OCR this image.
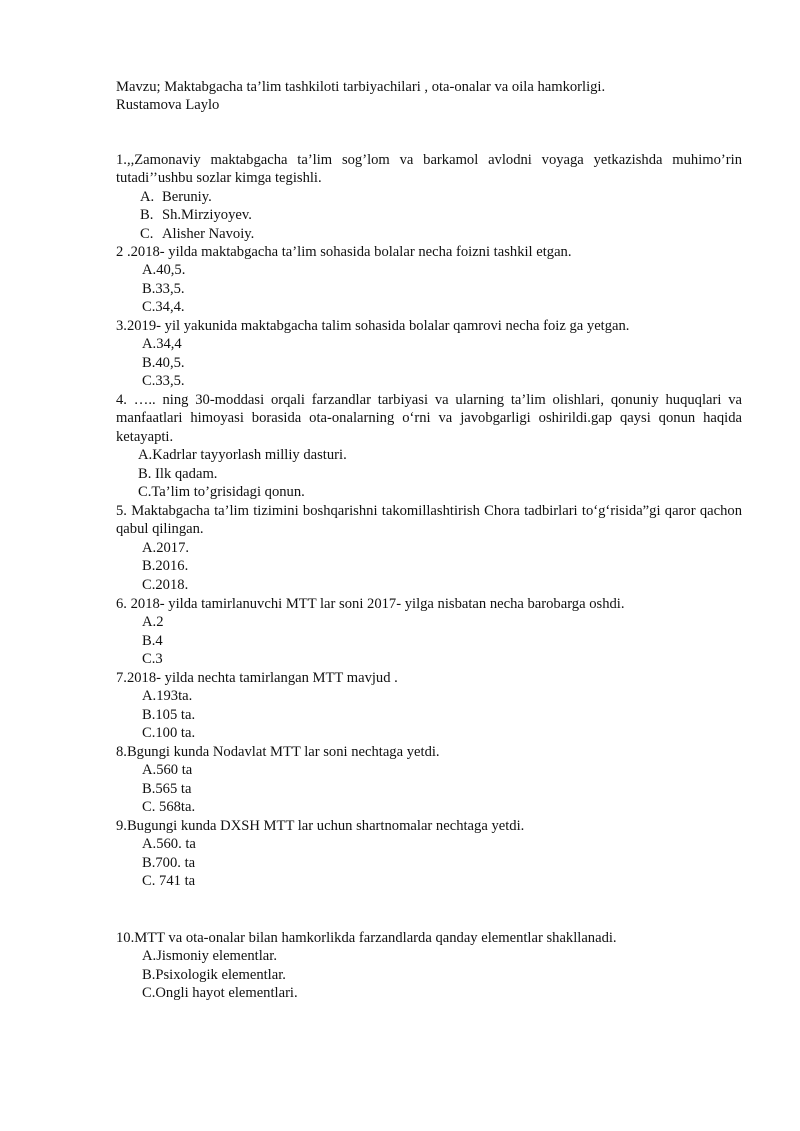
Mavzu; Maktabgacha ta’lim tashkiloti tarbiyachilari , ota-onalar va oila hamkorligi.
Rustamova Laylo
1.,,Zamonaviy maktabgacha ta’lim sog’lom va barkamol avlodni voyaga yetkazishda muhimo’rin tutadi’’ushbu sozlar kimga tegishli.
A. Beruniy.
B. Sh.Mirziyoyev.
C. Alisher Navoiy.
2 .2018- yilda maktabgacha ta’lim sohasida bolalar necha foizni tashkil etgan.
A.40,5.
B.33,5.
C.34,4.
3.2019- yil yakunida maktabgacha talim sohasida bolalar qamrovi necha foiz ga yetgan.
A.34,4
B.40,5.
C.33,5.
4. ….. ning 30-moddasi orqali farzandlar tarbiyasi va ularning ta’lim olishlari, qonuniy huquqlari va manfaatlari himoyasi borasida ota-onalarning o‘rni va javobgarligi oshirildi.gap qaysi qonun haqida ketayapti.
A.Kadrlar tayyorlash milliy dasturi.
B. Ilk qadam.
C.Ta’lim to’grisidagi qonun.
5. Maktabgacha ta’lim tizimini boshqarishni takomillashtirish Chora tadbirlari to‘g‘risida”gi qaror qachon qabul qilingan.
A.2017.
B.2016.
C.2018.
6. 2018- yilda tamirlanuvchi MTT lar soni 2017- yilga nisbatan necha barobarga oshdi.
A.2
B.4
C.3
7.2018- yilda nechta tamirlangan MTT mavjud .
A.193ta.
B.105 ta.
C.100 ta.
8.Bgungi kunda Nodavlat MTT lar soni nechtaga yetdi.
A.560 ta
B.565 ta
C. 568ta.
9.Bugungi kunda DXSH MTT lar uchun shartnomalar nechtaga yetdi.
A.560. ta
B.700. ta
C. 741 ta
10.MTT va ota-onalar bilan hamkorlikda farzandlarda qanday elementlar shakllanadi.
A.Jismoniy elementlar.
B.Psixologik elementlar.
C.Ongli hayot elementlari.
